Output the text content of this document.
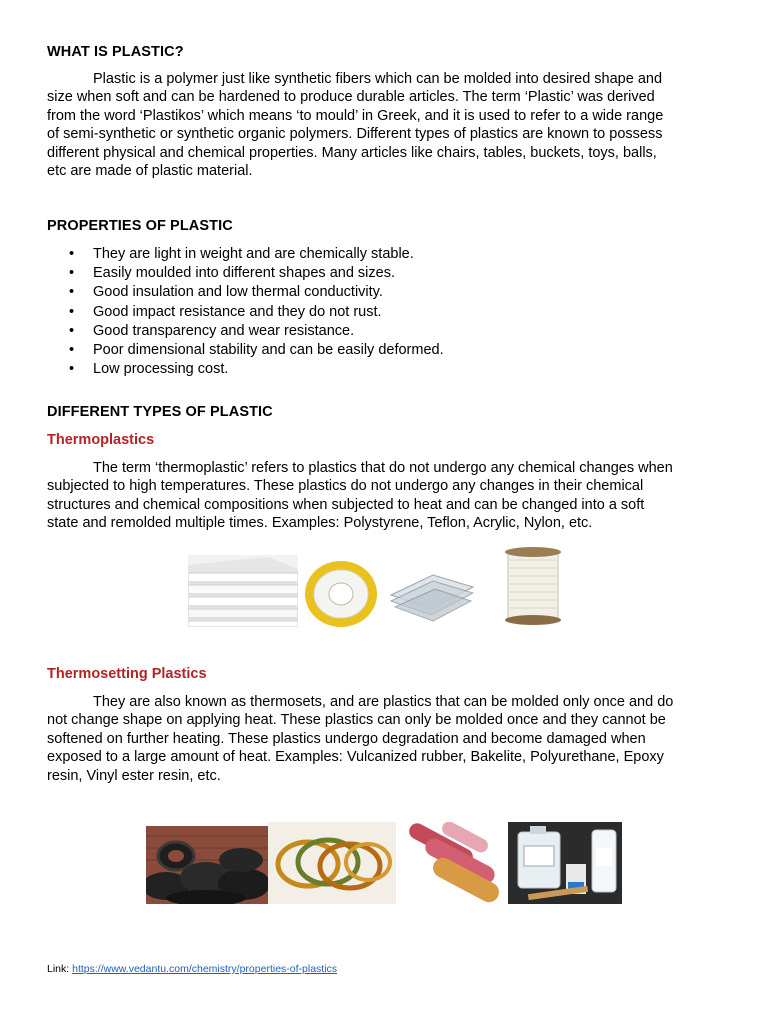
WHAT IS PLASTIC?

Plastic is a polymer just like synthetic fibers which can be molded into desired shape and
size when soft and can be hardened to produce durable articles. The term ‘Plastic’ was derived
from the word ‘Plastikos’ which means ‘to mould’ in Greek, and it is used to refer to a wide range
of semi-synthetic or synthetic organic polymers. Different types of plastics are known to possess
different physical and chemical properties. Many articles like chairs, tables, buckets, toys, balls,
etc are made of plastic material.

PROPERTIES OF PLASTIC
• They are light in weight and are chemically stable.
• Easily moulded into different shapes and sizes.
• Good insulation and low thermal conductivity.
• Good impact resistance and they do not rust.
• Good transparency and wear resistance.
• Poor dimensional stability and can be easily deformed.
• Low processing cost.
DIFFERENT TYPES OF PLASTIC
Thermoplastics

The term ‘thermoplastic’ refers to plastics that do not undergo any chemical changes when
subjected to high temperatures. These plastics do not undergo any changes in their chemical
structures and chemical compositions when subjected to heat and can be changed into a soft
state and remolded multiple times. Examples: Polystyrene, Teflon, Acrylic, Nylon, etc.

Thermosetting Plastics

They are also known as thermosets, and are plastics that can be molded only once and do
not change shape on applying heat. These plastics can only be molded once and they cannot be
softened on further heating. These plastics undergo degradation and become damaged when
exposed to a large amount of heat. Examples: Vulcanized rubber, Bakelite, Polyurethane, Epoxy
resin, Vinyl ester resin, etc.

Link: https://www.vedantu.com/chemistry/properties-of-plastics
